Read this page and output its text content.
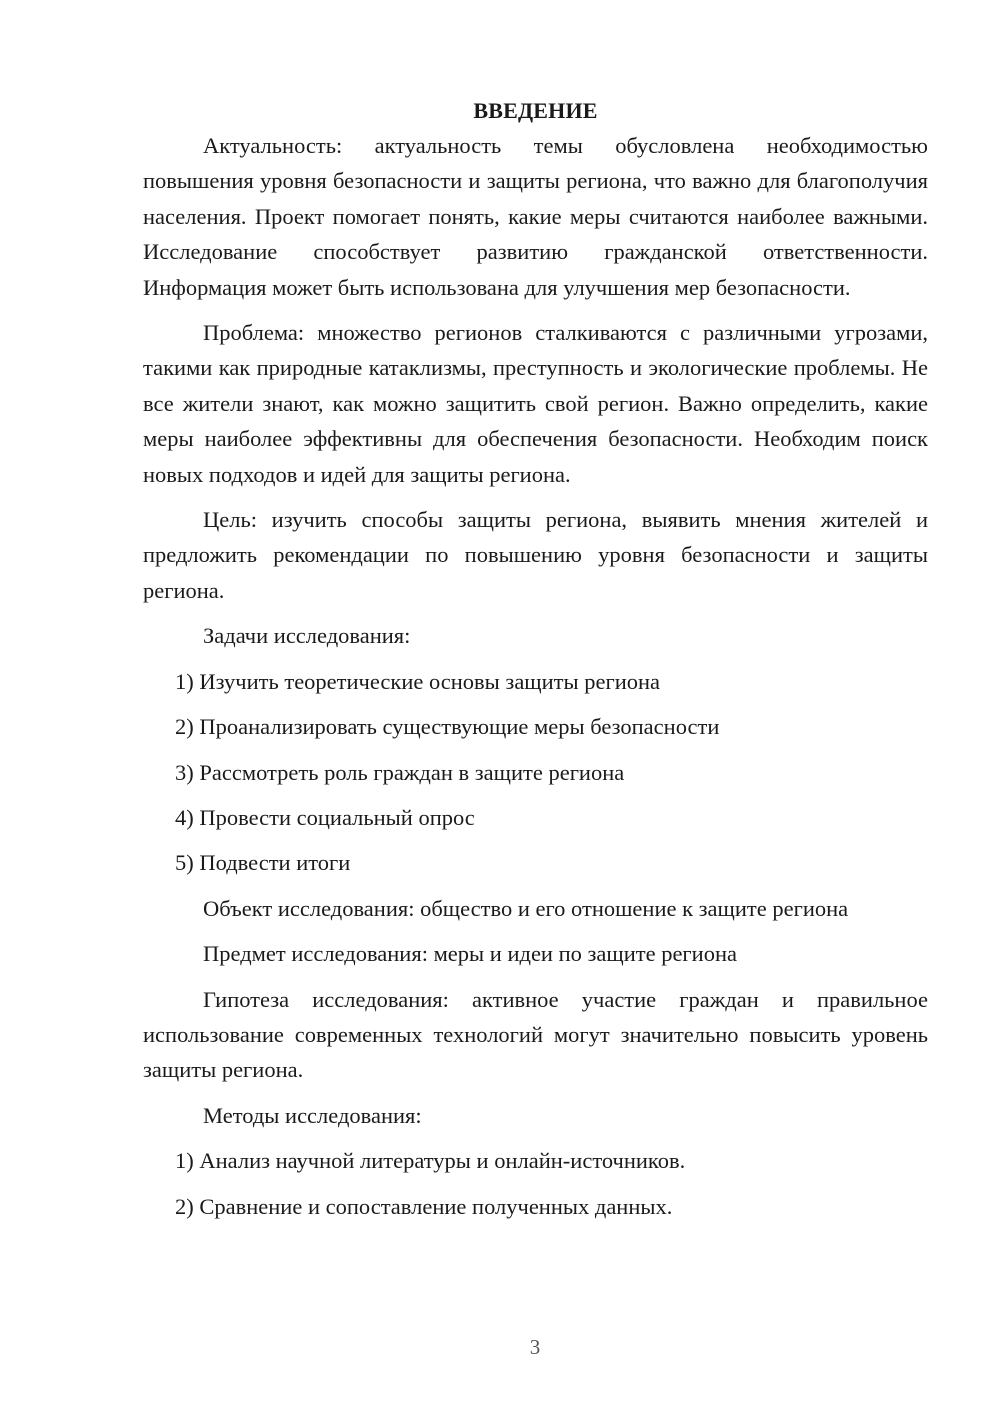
ВВЕДЕНИЕ

Актуальность: актуальность темы обусловлена необходимостью повышения уровня безопасности и защиты региона, что важно для благополучия населения. Проект помогает понять, какие меры считаются наиболее важными. Исследование способствует развитию гражданской ответственности. Информация может быть использована для улучшения мер безопасности.

Проблема: множество регионов сталкиваются с различными угрозами, такими как природные катаклизмы, преступность и экологические проблемы. Не все жители знают, как можно защитить свой регион. Важно определить, какие меры наиболее эффективны для обеспечения безопасности. Необходим поиск новых подходов и идей для защиты региона.

Цель: изучить способы защиты региона, выявить мнения жителей и предложить рекомендации по повышению уровня безопасности и защиты региона.

Задачи исследования:

1) Изучить теоретические основы защиты региона

2) Проанализировать существующие меры безопасности

3) Рассмотреть роль граждан в защите региона

4) Провести социальный опрос

5) Подвести итоги

Объект исследования: общество и его отношение к защите региона

Предмет исследования: меры и идеи по защите региона

Гипотеза исследования: активное участие граждан и правильное использование современных технологий могут значительно повысить уровень защиты региона.

Методы исследования:

1) Анализ научной литературы и онлайн-источников.

2) Сравнение и сопоставление полученных данных.

3
